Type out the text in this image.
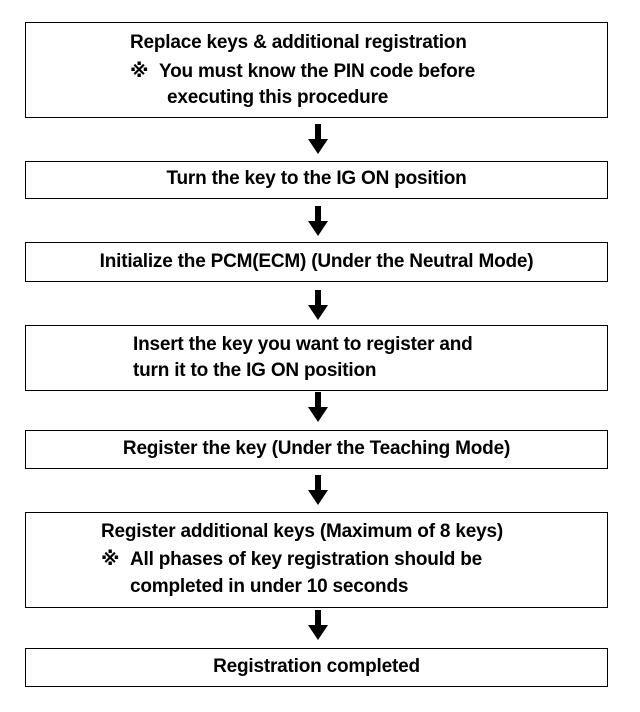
Replace keys & additional registration
※ You must know the PIN code before
executing this procedure
Turn the key to the IG ON position
Initialize the PCM(ECM) (Under the Neutral Mode)
Insert the key you want to register and
turn it to the IG ON position
Register the key (Under the Teaching Mode)
Register additional keys (Maximum of 8 keys)
※ All phases of key registration should be
completed in under 10 seconds
Registration completed
